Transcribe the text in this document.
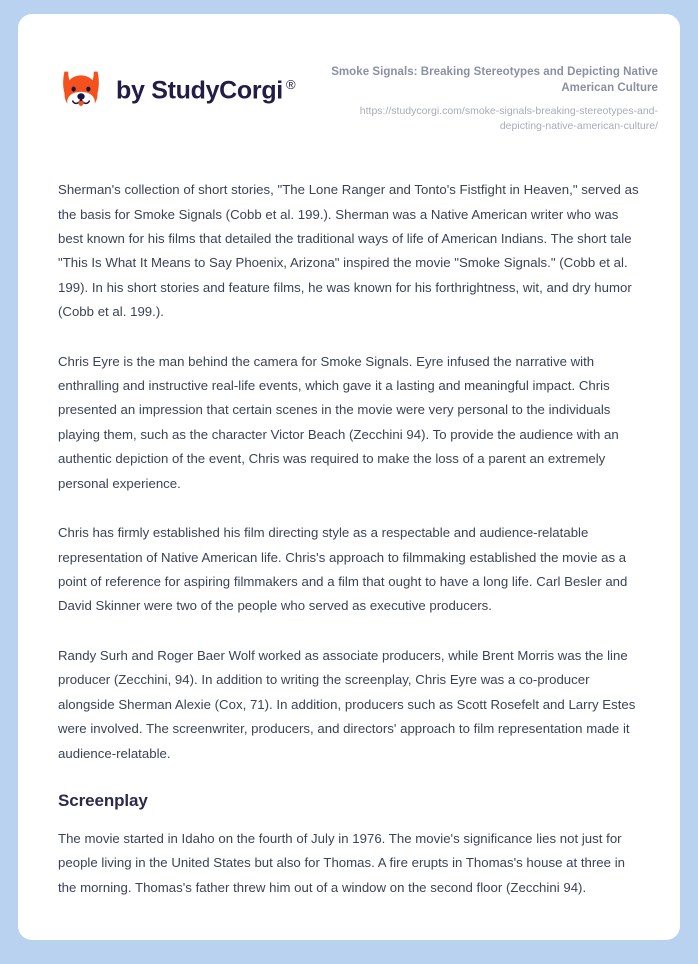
by StudyCorgi ®

Smoke Signals: Breaking Stereotypes and Depicting Native American Culture

https://studycorgi.com/smoke-signals-breaking-stereotypes-and-depicting-native-american-culture/

Sherman's collection of short stories, "The Lone Ranger and Tonto's Fistfight in Heaven," served as the basis for Smoke Signals (Cobb et al. 199.). Sherman was a Native American writer who was best known for his films that detailed the traditional ways of life of American Indians. The short tale "This Is What It Means to Say Phoenix, Arizona" inspired the movie "Smoke Signals." (Cobb et al. 199). In his short stories and feature films, he was known for his forthrightness, wit, and dry humor (Cobb et al. 199.).

Chris Eyre is the man behind the camera for Smoke Signals. Eyre infused the narrative with enthralling and instructive real-life events, which gave it a lasting and meaningful impact. Chris presented an impression that certain scenes in the movie were very personal to the individuals playing them, such as the character Victor Beach (Zecchini 94). To provide the audience with an authentic depiction of the event, Chris was required to make the loss of a parent an extremely personal experience.

Chris has firmly established his film directing style as a respectable and audience-relatable representation of Native American life. Chris's approach to filmmaking established the movie as a point of reference for aspiring filmmakers and a film that ought to have a long life. Carl Besler and David Skinner were two of the people who served as executive producers.

Randy Surh and Roger Baer Wolf worked as associate producers, while Brent Morris was the line producer (Zecchini, 94). In addition to writing the screenplay, Chris Eyre was a co-producer alongside Sherman Alexie (Cox, 71). In addition, producers such as Scott Rosefelt and Larry Estes were involved. The screenwriter, producers, and directors' approach to film representation made it audience-relatable.

Screenplay

The movie started in Idaho on the fourth of July in 1976. The movie's significance lies not just for people living in the United States but also for Thomas. A fire erupts in Thomas's house at three in the morning. Thomas's father threw him out of a window on the second floor (Zecchini 94).
